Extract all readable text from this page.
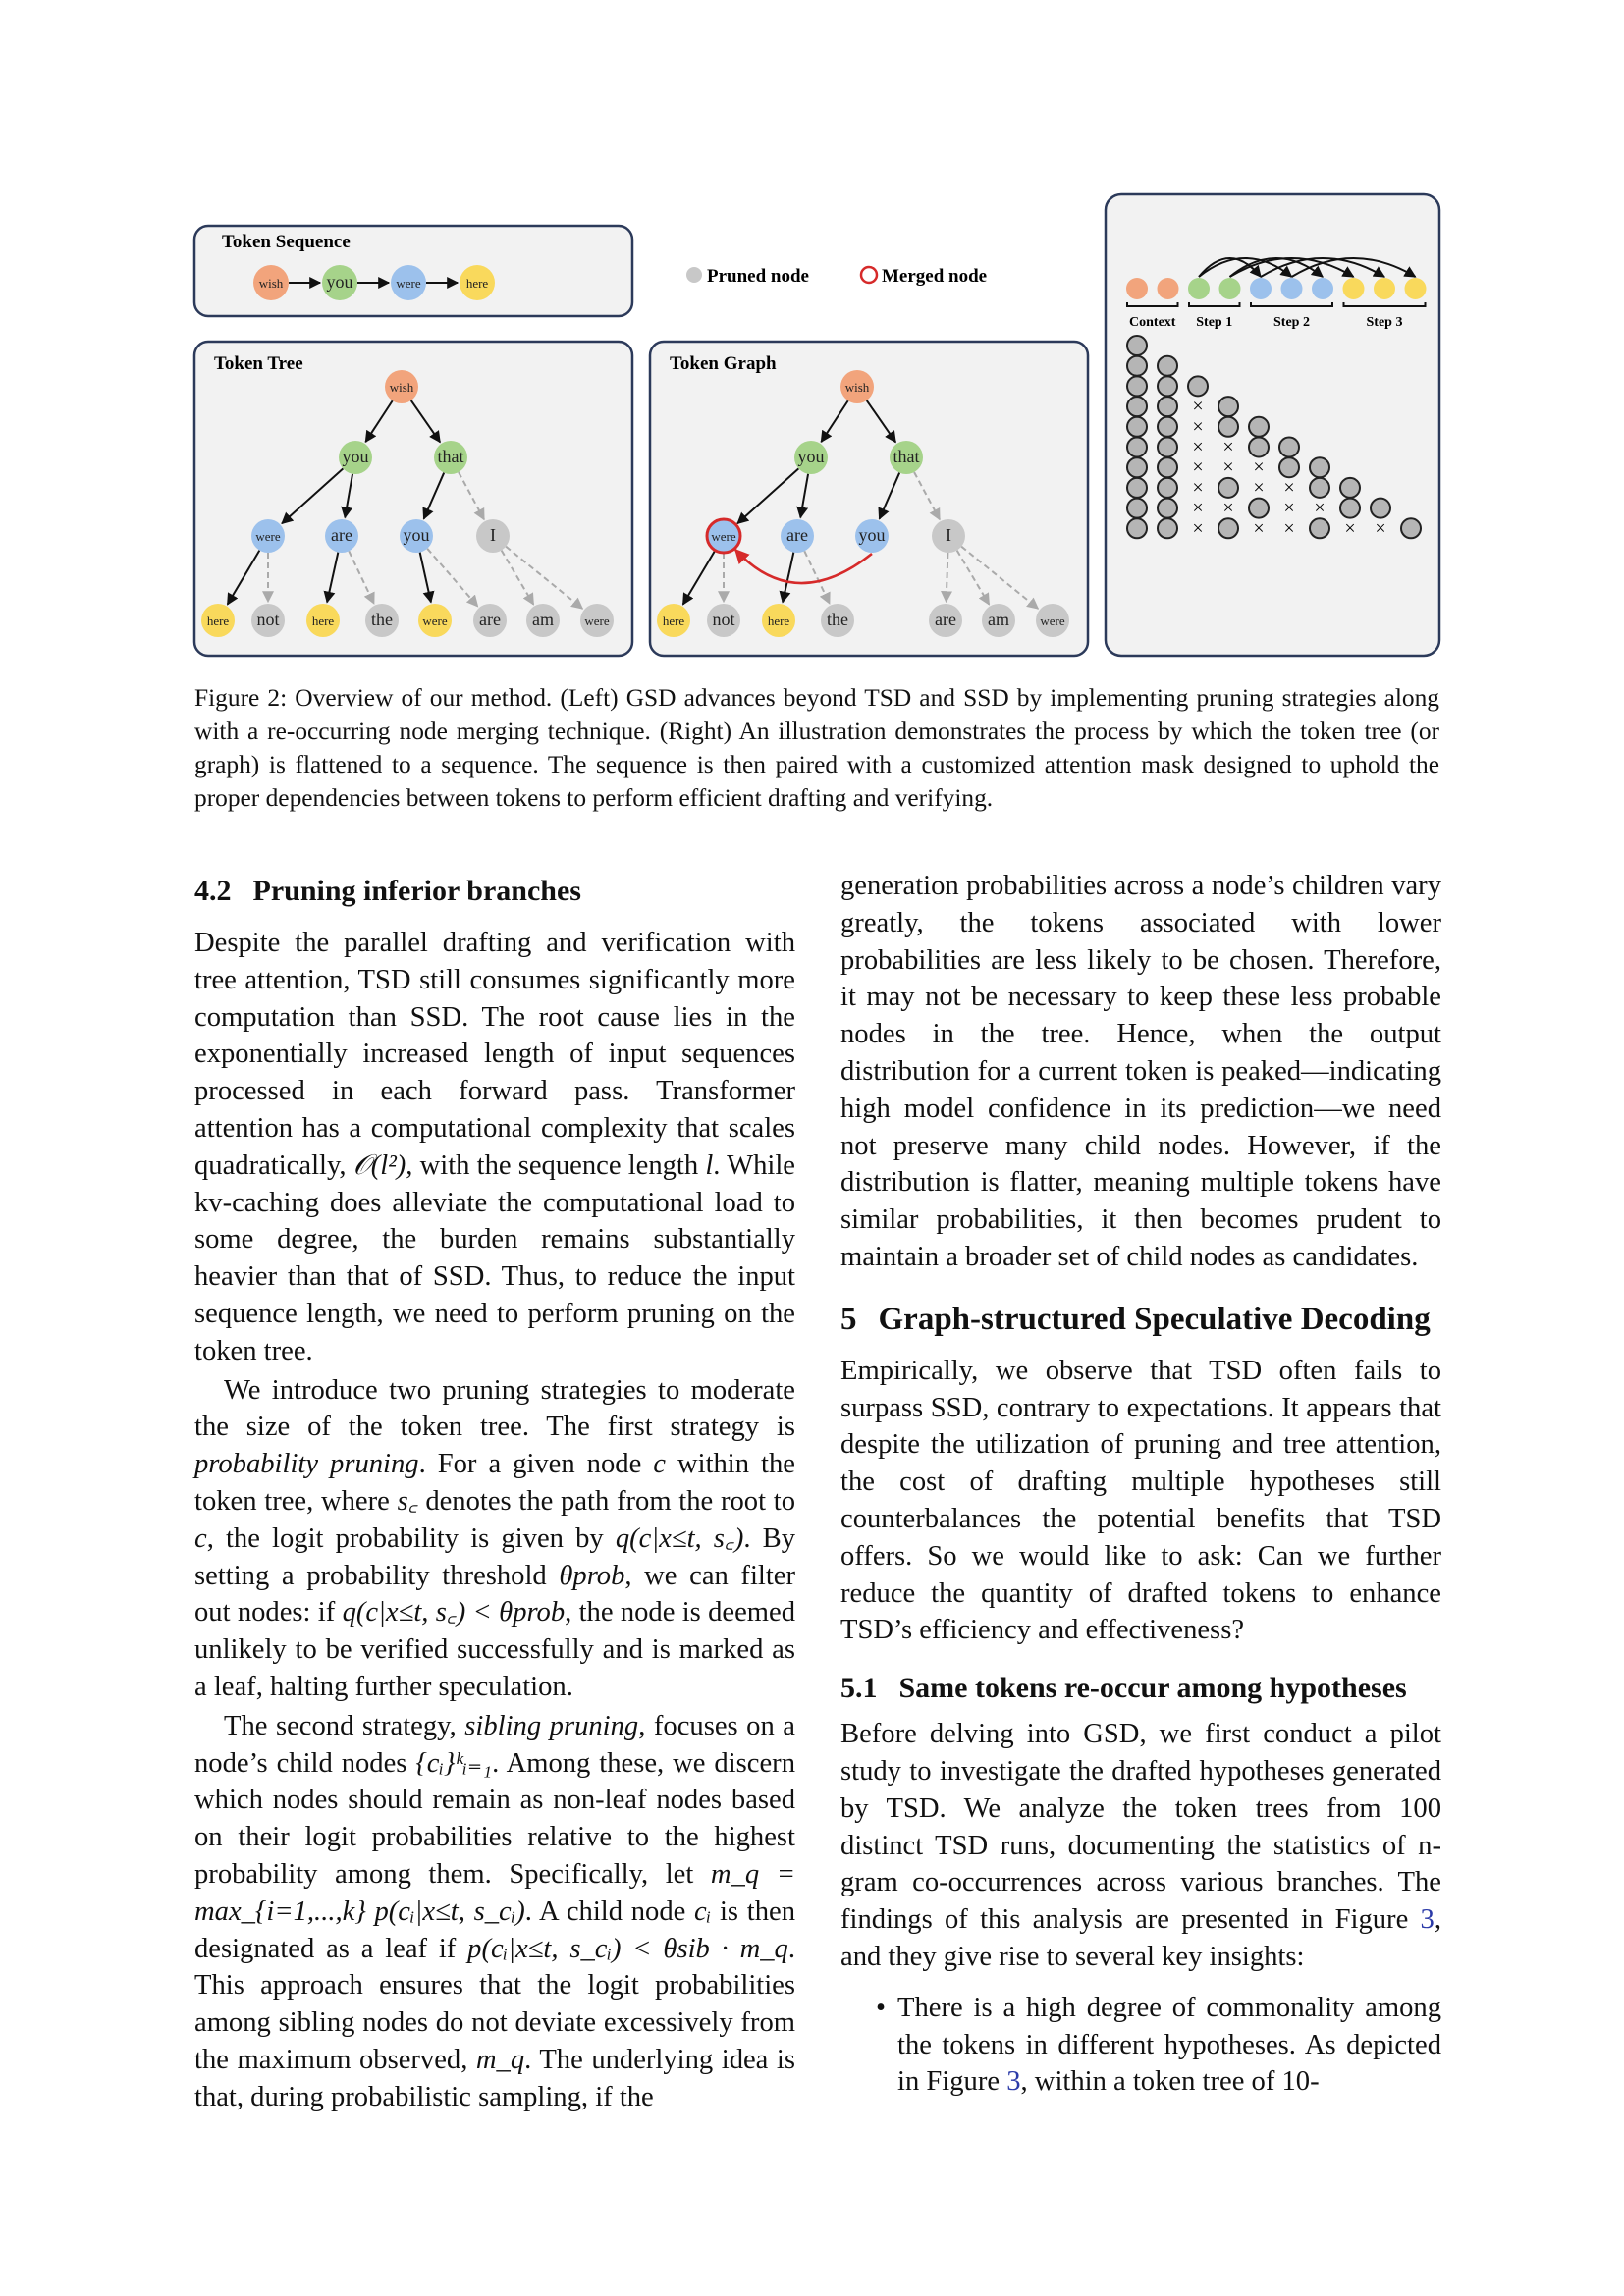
Token Sequence
wish you	were	here	Pruned node	Merged node
Token Tree
wish
you	that
were	are	you	I
here not	here the were are am were
Token Graph
wish
you	that
were	are	you	I
here not	here the	are am were
Context Step 1	Step 2	Step 3
×
×
× ×
× × ×
×	× ×
× ×	× ×
×	× ×	× ×
Figure 2: Overview of our method. (Left) GSD advances beyond TSD and SSD by implementing pruning strategies along with a re-occurring node merging technique. (Right) An illustration demonstrates the process by which the token tree (or graph) is flattened to a sequence. The sequence is then paired with a customized attention mask designed to uphold the proper dependencies between tokens to perform efficient drafting and verifying.
4.2 Pruning inferior branches

Despite the parallel drafting and verification with tree attention, TSD still consumes significantly more computation than SSD. The root cause lies in the exponentially increased length of input sequences processed in each forward pass. Transformer attention has a computational complexity that scales quadratically, 𝒪(l²), with the sequence length l. While kv-caching does alleviate the computational load to some degree, the burden remains substantially heavier than that of SSD. Thus, to reduce the input sequence length, we need to perform pruning on the token tree.

We introduce two pruning strategies to moderate the size of the token tree. The first strategy is probability pruning. For a given node c within the token tree, where s꜀ denotes the path from the root to c, the logit probability is given by q(c|x≤t, s꜀). By setting a probability threshold θprob, we can filter out nodes: if q(c|x≤t, s꜀) < θprob, the node is deemed unlikely to be verified successfully and is marked as a leaf, halting further speculation.

The second strategy, sibling pruning, focuses on a node’s child nodes {cᵢ}ᵏᵢ₌₁. Among these, we discern which nodes should remain as non-leaf nodes based on their logit probabilities relative to the highest probability among them. Specifically, let m_q = max_{i=1,...,k} p(cᵢ|x≤t, s_cᵢ). A child node cᵢ is then designated as a leaf if p(cᵢ|x≤t, s_cᵢ) < θsib · m_q. This approach ensures that the logit probabilities among sibling nodes do not deviate excessively from the maximum observed, m_q. The underlying idea is that, during probabilistic sampling, if the

generation probabilities across a node’s children vary greatly, the tokens associated with lower probabilities are less likely to be chosen. Therefore, it may not be necessary to keep these less probable nodes in the tree. Hence, when the output distribution for a current token is peaked—indicating high model confidence in its prediction—we need not preserve many child nodes. However, if the distribution is flatter, meaning multiple tokens have similar probabilities, it then becomes prudent to maintain a broader set of child nodes as candidates.

5 Graph-structured Speculative Decoding

Empirically, we observe that TSD often fails to surpass SSD, contrary to expectations. It appears that despite the utilization of pruning and tree attention, the cost of drafting multiple hypotheses still counterbalances the potential benefits that TSD offers. So we would like to ask: Can we further reduce the quantity of drafted tokens to enhance TSD’s efficiency and effectiveness?

5.1 Same tokens re-occur among hypotheses

Before delving into GSD, we first conduct a pilot study to investigate the drafted hypotheses generated by TSD. We analyze the token trees from 100 distinct TSD runs, documenting the statistics of n-gram co-occurrences across various branches. The findings of this analysis are presented in Figure 3, and they give rise to several key insights:

• There is a high degree of commonality among the tokens in different hypotheses. As depicted in Figure 3, within a token tree of 10-
